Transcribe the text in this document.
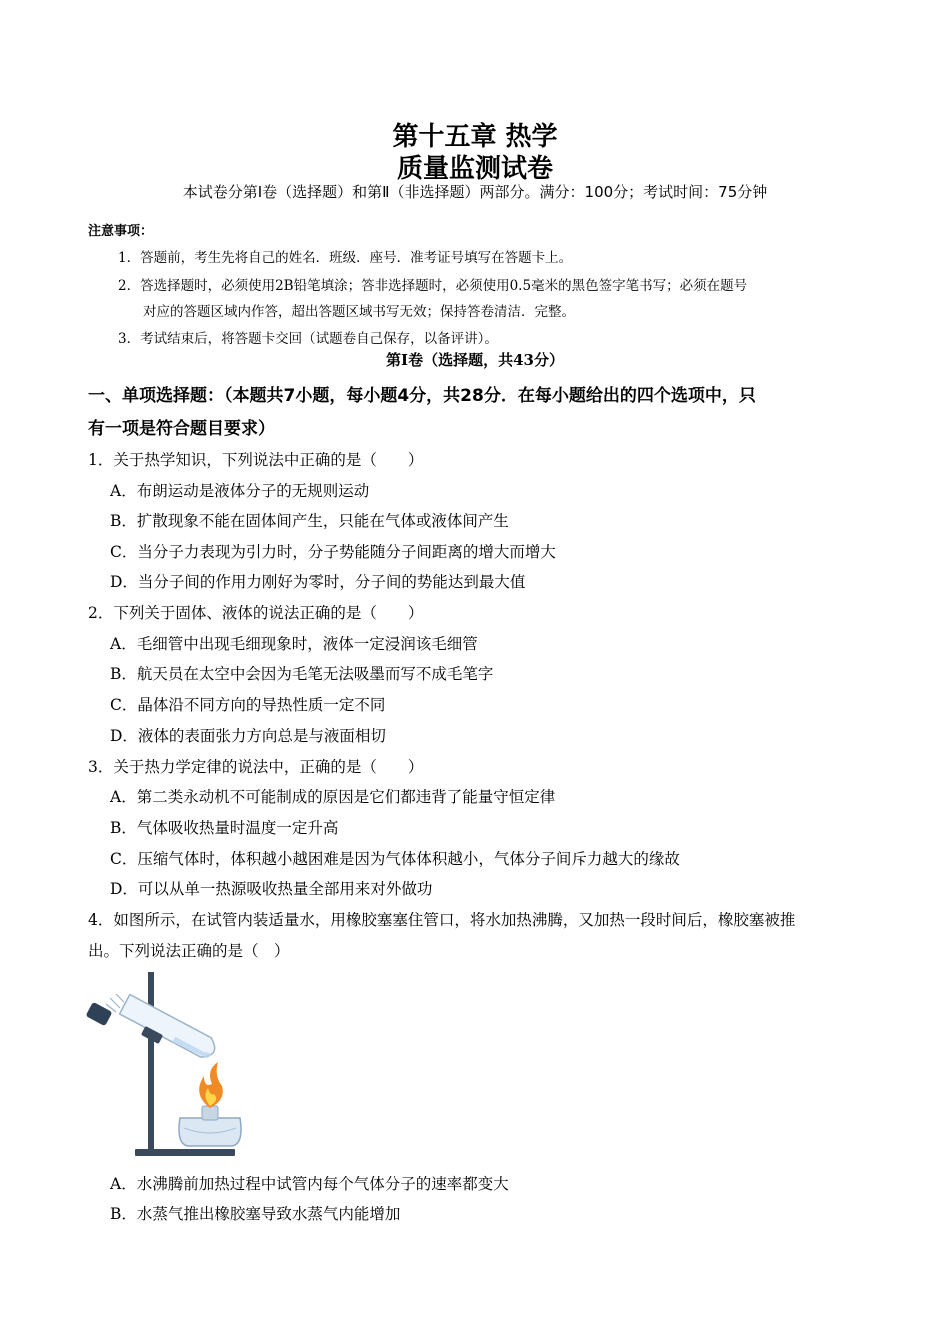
第十五章 热学
质量监测试卷
本试卷分第Ⅰ卷（选择题）和第Ⅱ（非选择题）两部分。满分：100分；考试时间：75分钟
注意事项：
1．答题前，考生先将自己的姓名．班级．座号．准考证号填写在答题卡上。
2．答选择题时，必须使用2B铅笔填涂；答非选择题时，必须使用0.5毫米的黑色签字笔书写；必须在题号
对应的答题区域内作答，超出答题区域书写无效；保持答卷清洁．完整。
3．考试结束后，将答题卡交回（试题卷自己保存，以备评讲）。
第Ⅰ卷（选择题，共43分）
一、单项选择题：（本题共7小题，每小题4分，共28分．在每小题给出的四个选项中，只
有一项是符合题目要求）
1．关于热学知识，下列说法中正确的是（　　）
A．布朗运动是液体分子的无规则运动
B．扩散现象不能在固体间产生，只能在气体或液体间产生
C．当分子力表现为引力时，分子势能随分子间距离的增大而增大
D．当分子间的作用力刚好为零时，分子间的势能达到最大值
2．下列关于固体、液体的说法正确的是（　　）
A．毛细管中出现毛细现象时，液体一定浸润该毛细管
B．航天员在太空中会因为毛笔无法吸墨而写不成毛笔字
C．晶体沿不同方向的导热性质一定不同
D．液体的表面张力方向总是与液面相切
3．关于热力学定律的说法中，正确的是（　　）
A．第二类永动机不可能制成的原因是它们都违背了能量守恒定律
B．气体吸收热量时温度一定升高
C．压缩气体时，体积越小越困难是因为气体体积越小，气体分子间斥力越大的缘故
D．可以从单一热源吸收热量全部用来对外做功
4．如图所示，在试管内装适量水，用橡胶塞塞住管口，将水加热沸腾，又加热一段时间后，橡胶塞被推
出。下列说法正确的是（　）
A．水沸腾前加热过程中试管内每个气体分子的速率都变大
B．水蒸气推出橡胶塞导致水蒸气内能增加
